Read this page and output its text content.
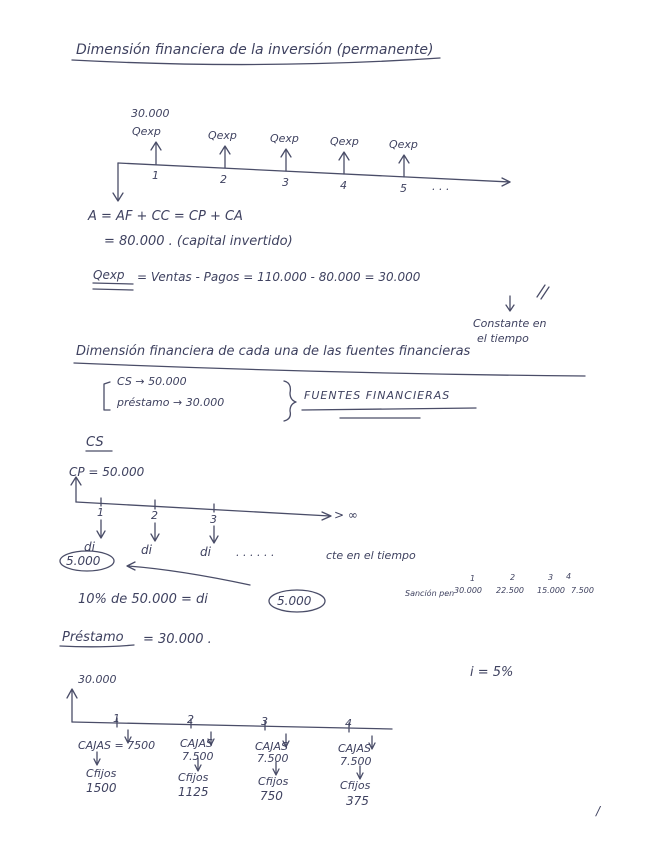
Dimensión financiera de la inversión (permanente)
30.000
Qexp	Qexp	Qexp	Qexp	Qexp
1	2	3	4	5 . . .
A = AF + CC = CP + CA
= 80.000 . (capital invertido)
Qexp = Ventas - Pagos = 110.000 - 80.000 = 30.000
Constante en
el tiempo
Dimensión financiera de cada una de las fuentes financieras
CS → 50.000
préstamo → 30.000
FUENTES FINANCIERAS
CS
CP = 50.000
1	2	3	> ∞
di	di	di . . . . . .	cte en el tiempo
5.000
10% de 50.000 = di	5.000
Sanción pen
1	2	3 4
30.000 22.500 15.000 7.500
Préstamo = 30.000 .
i = 5%
30.000
1	2	3	4
CAJAS = 7500 CAJAS
7.500
CAJAS
7.500
CAJAS
7.500
Cfijos
1500
Cfijos
1125
Cfijos
750
Cfijos
375
/
